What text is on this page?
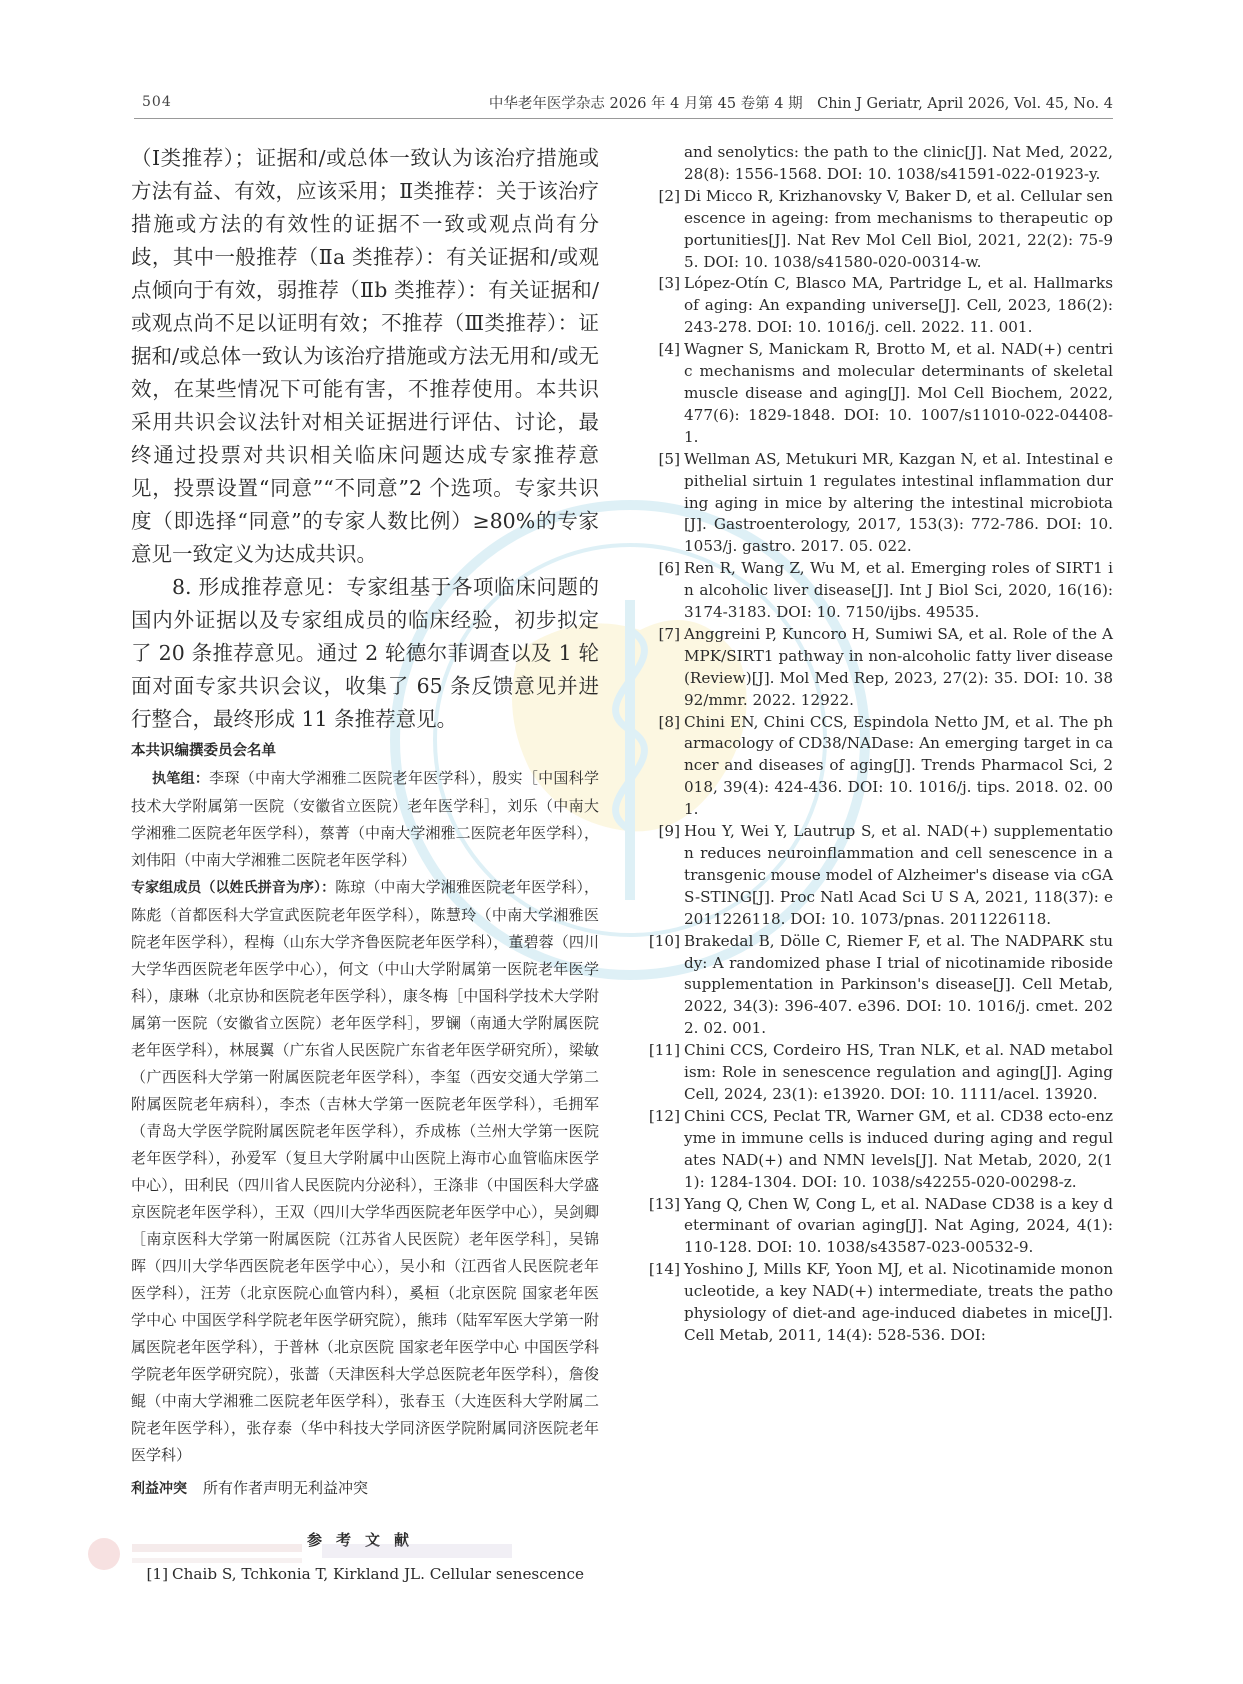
504	中华老年医学杂志 2026 年 4 月第 45 卷第 4 期　Chin J Geriatr, April 2026, Vol. 45, No. 4

（Ⅰ类推荐）；证据和/或总体一致认为该治疗措施或方法有益、有效，应该采用；Ⅱ类推荐：关于该治疗措施或方法的有效性的证据不一致或观点尚有分歧，其中一般推荐（Ⅱa 类推荐）：有关证据和/或观点倾向于有效，弱推荐（Ⅱb 类推荐）：有关证据和/或观点尚不足以证明有效；不推荐（Ⅲ类推荐）：证据和/或总体一致认为该治疗措施或方法无用和/或无效，在某些情况下可能有害，不推荐使用。本共识采用共识会议法针对相关证据进行评估、讨论，最终通过投票对共识相关临床问题达成专家推荐意见，投票设置“同意”“不同意”2 个选项。专家共识度（即选择“同意”的专家人数比例）≥80%的专家意见一致定义为达成共识。

8. 形成推荐意见：专家组基于各项临床问题的国内外证据以及专家组成员的临床经验，初步拟定了 20 条推荐意见。通过 2 轮德尔菲调查以及 1 轮面对面专家共识会议，收集了 65 条反馈意见并进行整合，最终形成 11 条推荐意见。

本共识编撰委员会名单

执笔组：李琛（中南大学湘雅二医院老年医学科），殷实［中国科学技术大学附属第一医院（安徽省立医院）老年医学科］，刘乐（中南大学湘雅二医院老年医学科），蔡菁（中南大学湘雅二医院老年医学科），刘伟阳（中南大学湘雅二医院老年医学科）

专家组成员（以姓氏拼音为序）：陈琼（中南大学湘雅医院老年医学科），陈彪（首都医科大学宣武医院老年医学科），陈慧玲（中南大学湘雅医院老年医学科），程梅（山东大学齐鲁医院老年医学科），董碧蓉（四川大学华西医院老年医学中心），何文（中山大学附属第一医院老年医学科），康琳（北京协和医院老年医学科），康冬梅［中国科学技术大学附属第一医院（安徽省立医院）老年医学科］，罗镧（南通大学附属医院老年医学科），林展翼（广东省人民医院广东省老年医学研究所），梁敏（广西医科大学第一附属医院老年医学科），李玺（西安交通大学第二附属医院老年病科），李杰（吉林大学第一医院老年医学科），毛拥军（青岛大学医学院附属医院老年医学科），乔成栋（兰州大学第一医院老年医学科），孙爱军（复旦大学附属中山医院上海市心血管临床医学中心），田利民（四川省人民医院内分泌科），王涤非（中国医科大学盛京医院老年医学科），王双（四川大学华西医院老年医学中心），吴剑卿［南京医科大学第一附属医院（江苏省人民医院）老年医学科］，吴锦晖（四川大学华西医院老年医学中心），吴小和（江西省人民医院老年医学科），汪芳（北京医院心血管内科），奚桓（北京医院 国家老年医学中心 中国医学科学院老年医学研究院），熊玮（陆军军医大学第一附属医院老年医学科），于普林（北京医院 国家老年医学中心 中国医学科学院老年医学研究院），张蔷（天津医科大学总医院老年医学科），詹俊鲲（中南大学湘雅二医院老年医学科），张春玉（大连医科大学附属二院老年医学科），张存泰（华中科技大学同济医学院附属同济医院老年医学科）

利益冲突 所有作者声明无利益冲突

参考文献
[1] Chaib S, Tchkonia T, Kirkland JL. Cellular senescence
and senolytics: the path to the clinic[J]. Nat Med, 2022, 28(8): 1556-1568. DOI: 10. 1038/s41591-022-01923-y.
[2] Di Micco R, Krizhanovsky V, Baker D, et al. Cellular senescence in ageing: from mechanisms to therapeutic opportunities[J]. Nat Rev Mol Cell Biol, 2021, 22(2): 75-95. DOI: 10. 1038/s41580-020-00314-w.
[3] López-Otín C, Blasco MA, Partridge L, et al. Hallmarks of aging: An expanding universe[J]. Cell, 2023, 186(2): 243-278. DOI: 10. 1016/j. cell. 2022. 11. 001.
[4] Wagner S, Manickam R, Brotto M, et al. NAD(+) centric mechanisms and molecular determinants of skeletal muscle disease and aging[J]. Mol Cell Biochem, 2022, 477(6): 1829-1848. DOI: 10. 1007/s11010-022-04408-1.
[5] Wellman AS, Metukuri MR, Kazgan N, et al. Intestinal epithelial sirtuin 1 regulates intestinal inflammation during aging in mice by altering the intestinal microbiota[J]. Gastroenterology, 2017, 153(3): 772-786. DOI: 10. 1053/j. gastro. 2017. 05. 022.
[6] Ren R, Wang Z, Wu M, et al. Emerging roles of SIRT1 in alcoholic liver disease[J]. Int J Biol Sci, 2020, 16(16): 3174-3183. DOI: 10. 7150/ijbs. 49535.
[7] Anggreini P, Kuncoro H, Sumiwi SA, et al. Role of the AMPK/SIRT1 pathway in non-alcoholic fatty liver disease(Review)[J]. Mol Med Rep, 2023, 27(2): 35. DOI: 10. 3892/mmr. 2022. 12922.
[8] Chini EN, Chini CCS, Espindola Netto JM, et al. The pharmacology of CD38/NADase: An emerging target in cancer and diseases of aging[J]. Trends Pharmacol Sci, 2018, 39(4): 424-436. DOI: 10. 1016/j. tips. 2018. 02. 001.
[9] Hou Y, Wei Y, Lautrup S, et al. NAD(+) supplementation reduces neuroinflammation and cell senescence in a transgenic mouse model of Alzheimer's disease via cGAS-STING[J]. Proc Natl Acad Sci U S A, 2021, 118(37): e2011226118. DOI: 10. 1073/pnas. 2011226118.
[10] Brakedal B, Dölle C, Riemer F, et al. The NADPARK study: A randomized phase I trial of nicotinamide riboside supplementation in Parkinson's disease[J]. Cell Metab, 2022, 34(3): 396-407. e396. DOI: 10. 1016/j. cmet. 2022. 02. 001.
[11] Chini CCS, Cordeiro HS, Tran NLK, et al. NAD metabolism: Role in senescence regulation and aging[J]. Aging Cell, 2024, 23(1): e13920. DOI: 10. 1111/acel. 13920.
[12] Chini CCS, Peclat TR, Warner GM, et al. CD38 ecto-enzyme in immune cells is induced during aging and regulates NAD(+) and NMN levels[J]. Nat Metab, 2020, 2(11): 1284-1304. DOI: 10. 1038/s42255-020-00298-z.
[13] Yang Q, Chen W, Cong L, et al. NADase CD38 is a key determinant of ovarian aging[J]. Nat Aging, 2024, 4(1): 110-128. DOI: 10. 1038/s43587-023-00532-9.
[14] Yoshino J, Mills KF, Yoon MJ, et al. Nicotinamide mononucleotide, a key NAD(+) intermediate, treats the pathophysiology of diet-and age-induced diabetes in mice[J]. Cell Metab, 2011, 14(4): 528-536. DOI:
